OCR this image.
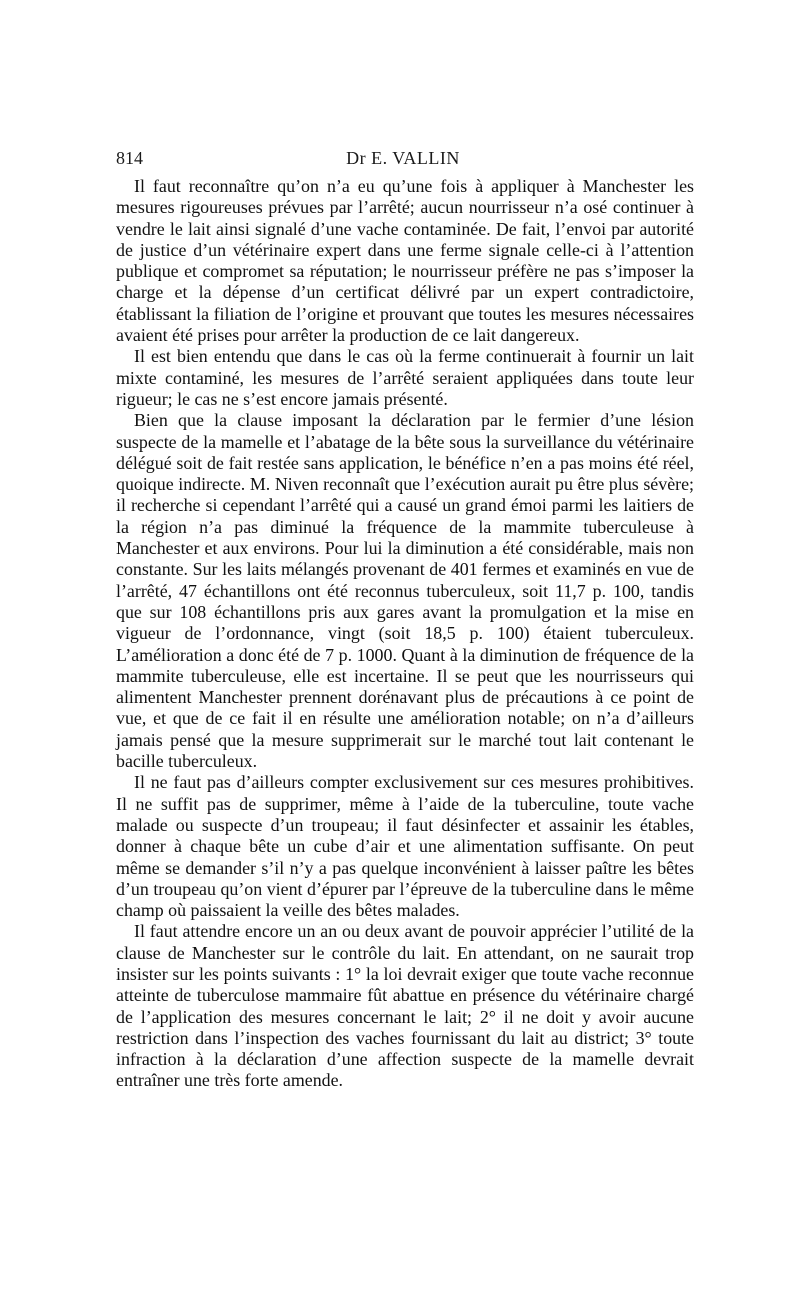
814	Dr E. VALLIN

Il faut reconnaître qu’on n’a eu qu’une fois à appliquer à Manchester les mesures rigoureuses prévues par l’arrêté; aucun nourrisseur n’a osé continuer à vendre le lait ainsi signalé d’une vache contaminée. De fait, l’envoi par autorité de justice d’un vétérinaire expert dans une ferme signale celle-ci à l’attention publique et compromet sa réputation; le nourrisseur préfère ne pas s’imposer la charge et la dépense d’un certificat délivré par un expert contradictoire, établissant la filiation de l’origine et prouvant que toutes les mesures nécessaires avaient été prises pour arrêter la production de ce lait dangereux.

Il est bien entendu que dans le cas où la ferme continuerait à fournir un lait mixte contaminé, les mesures de l’arrêté seraient appliquées dans toute leur rigueur; le cas ne s’est encore jamais présenté.

Bien que la clause imposant la déclaration par le fermier d’une lésion suspecte de la mamelle et l’abatage de la bête sous la surveillance du vétérinaire délégué soit de fait restée sans application, le bénéfice n’en a pas moins été réel, quoique indirecte. M. Niven reconnaît que l’exécution aurait pu être plus sévère; il recherche si cependant l’arrêté qui a causé un grand émoi parmi les laitiers de la région n’a pas diminué la fréquence de la mammite tuberculeuse à Manchester et aux environs. Pour lui la diminution a été considérable, mais non constante. Sur les laits mélangés provenant de 401 fermes et examinés en vue de l’arrêté, 47 échantillons ont été reconnus tuberculeux, soit 11,7 p. 100, tandis que sur 108 échantillons pris aux gares avant la promulgation et la mise en vigueur de l’ordonnance, vingt (soit 18,5 p. 100) étaient tuberculeux. L’amélioration a donc été de 7 p. 1000. Quant à la diminution de fréquence de la mammite tuberculeuse, elle est incertaine. Il se peut que les nourrisseurs qui alimentent Manchester prennent dorénavant plus de précautions à ce point de vue, et que de ce fait il en résulte une amélioration notable; on n’a d’ailleurs jamais pensé que la mesure supprimerait sur le marché tout lait contenant le bacille tuberculeux.

Il ne faut pas d’ailleurs compter exclusivement sur ces mesures prohibitives. Il ne suffit pas de supprimer, même à l’aide de la tuberculine, toute vache malade ou suspecte d’un troupeau; il faut désinfecter et assainir les étables, donner à chaque bête un cube d’air et une alimentation suffisante. On peut même se demander s’il n’y a pas quelque inconvénient à laisser paître les bêtes d’un troupeau qu’on vient d’épurer par l’épreuve de la tuberculine dans le même champ où paissaient la veille des bêtes malades.

Il faut attendre encore un an ou deux avant de pouvoir apprécier l’utilité de la clause de Manchester sur le contrôle du lait. En attendant, on ne saurait trop insister sur les points suivants : 1° la loi devrait exiger que toute vache reconnue atteinte de tuberculose mammaire fût abattue en présence du vétérinaire chargé de l’application des mesures concernant le lait; 2° il ne doit y avoir aucune restriction dans l’inspection des vaches fournissant du lait au district; 3° toute infraction à la déclaration d’une affection suspecte de la mamelle devrait entraîner une très forte amende.
